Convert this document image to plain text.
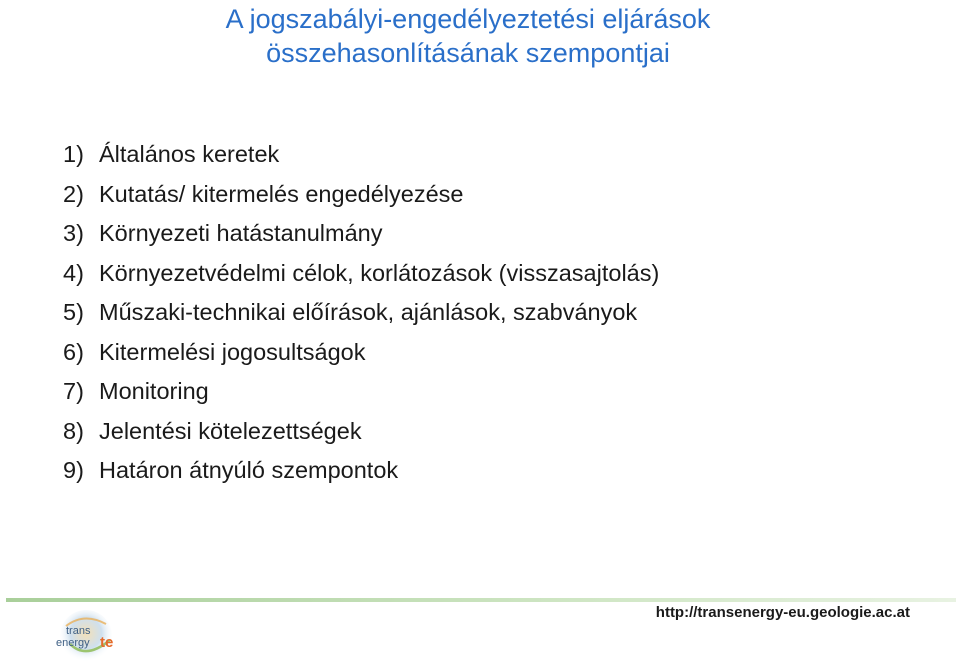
A jogszabályi-engedélyeztetési eljárások
összehasonlításának szempontjai
1) Általános keretek
2) Kutatás/ kitermelés engedélyezése
3) Környezeti hatástanulmány
4) Környezetvédelmi célok, korlátozások (visszasajtolás)
5) Műszaki-technikai előírások, ajánlások, szabványok
6) Kitermelési jogosultságok
7) Monitoring
8) Jelentési kötelezettségek
9) Határon átnyúló szempontok
http://transenergy-eu.geologie.ac.at
trans
energy te
